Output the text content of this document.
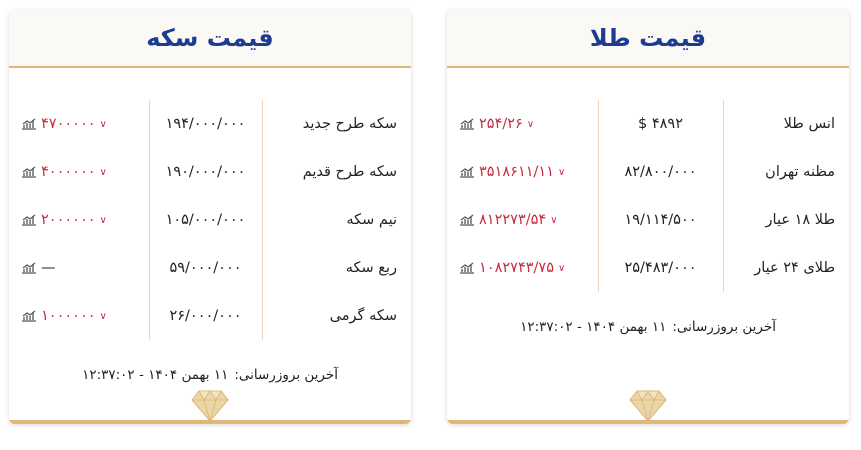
قیمت طلا
انس طلا
$ ۴۸۹۲
۲۵۴/۲۶ ∨
مظنه تهران
۸۲/۸۰۰/۰۰۰
۳۵۱۸۶۱۱/۱۱ ∨
طلا ۱۸ عیار
۱۹/۱۱۴/۵۰۰
۸۱۲۲۷۳/۵۴ ∨
طلای ۲۴ عیار
۲۵/۴۸۳/۰۰۰
۱۰۸۲۷۴۳/۷۵ ∨
آخرین بروزرسانی:
۱۱ بهمن ۱۴۰۴ - ۱۲:۳۷:۰۲
قیمت سکه
سکه طرح جدید
۱۹۴/۰۰۰/۰۰۰
۴۷۰۰۰۰۰ ∨
سکه طرح قدیم
۱۹۰/۰۰۰/۰۰۰
۴۰۰۰۰۰۰ ∨
نیم سکه
۱۰۵/۰۰۰/۰۰۰
۲۰۰۰۰۰۰ ∨
ربع سکه
۵۹/۰۰۰/۰۰۰
—
سکه گرمی
۲۶/۰۰۰/۰۰۰
۱۰۰۰۰۰۰ ∨
آخرین بروزرسانی:
۱۱ بهمن ۱۴۰۴ - ۱۲:۳۷:۰۲
